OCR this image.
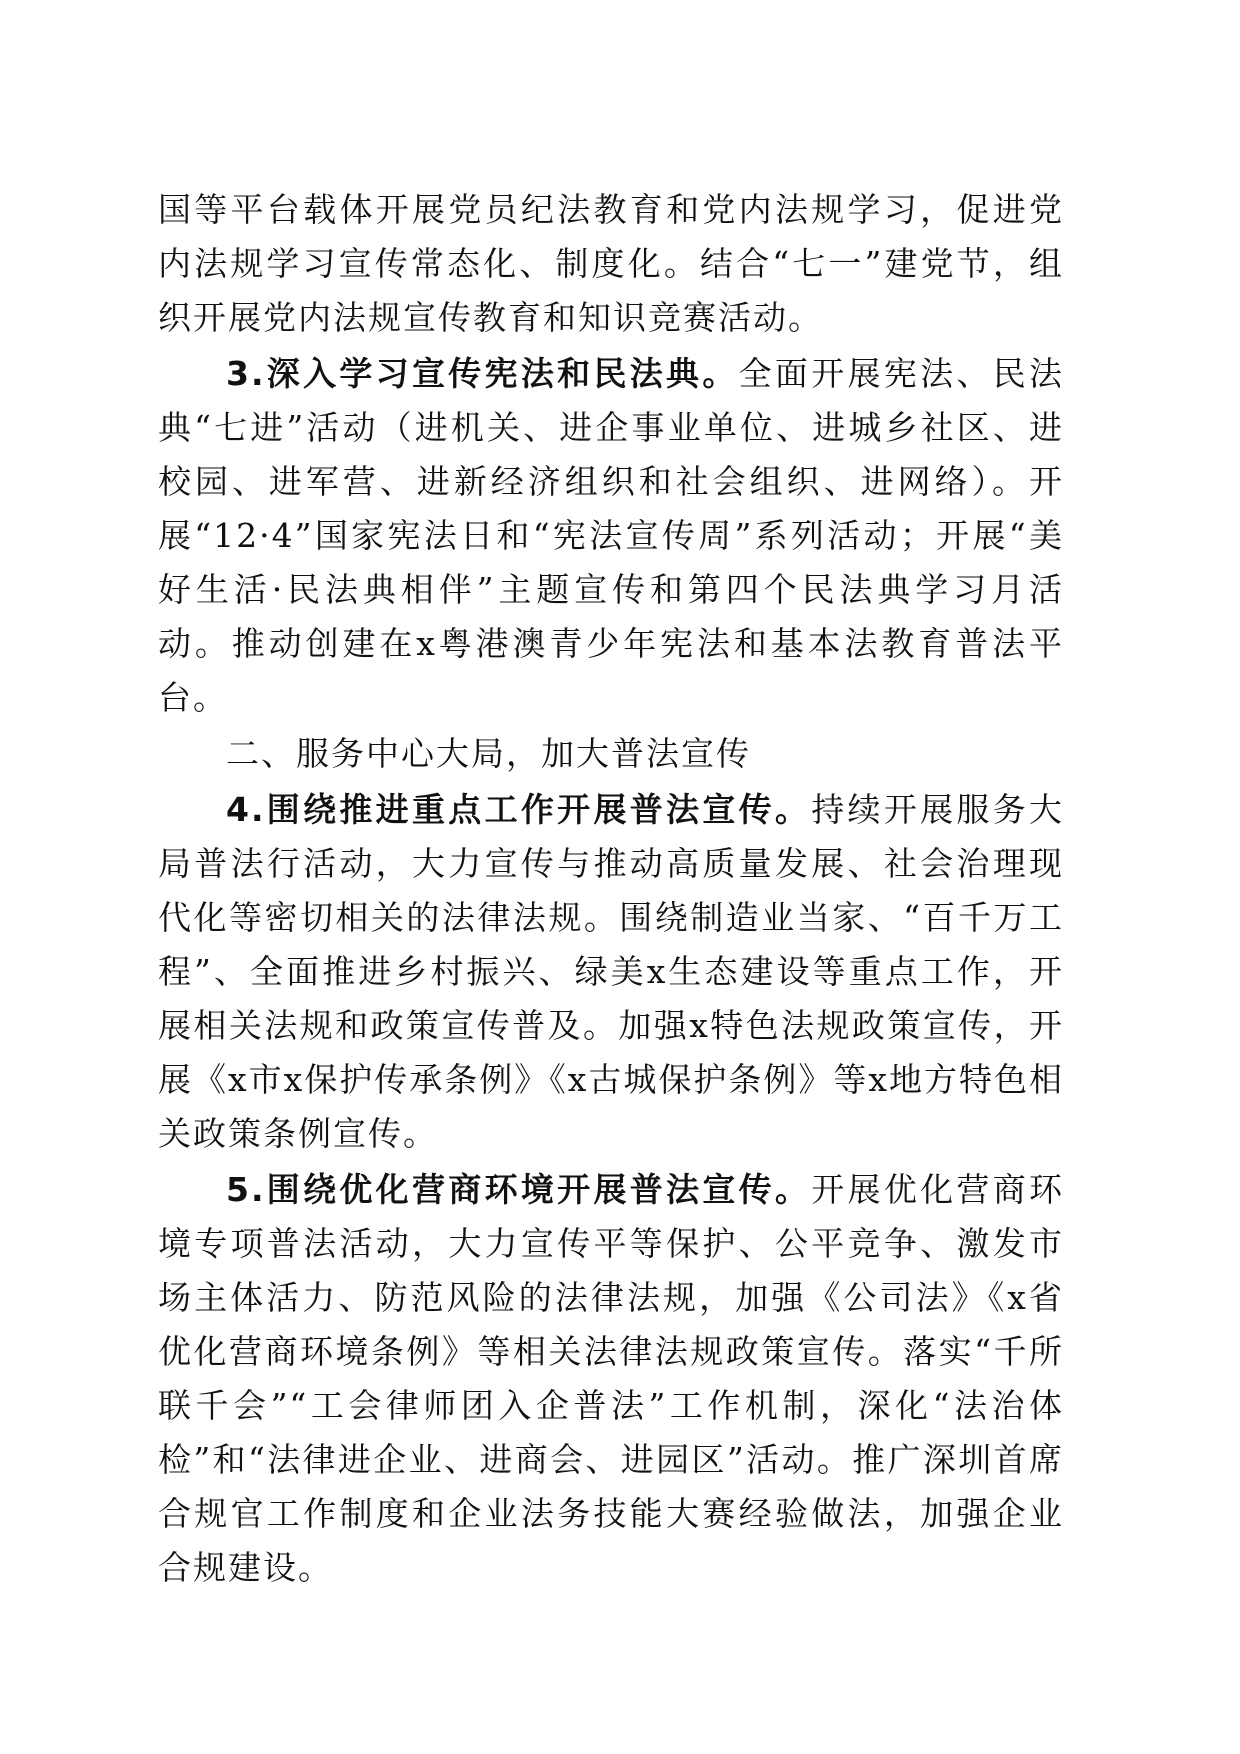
国等平台载体开展党员纪法教育和党内法规学习，促进党内法规学习宣传常态化、制度化。结合“七一”建党节，组织开展党内法规宣传教育和知识竞赛活动。

3.深入学习宣传宪法和民法典。全面开展宪法、民法典“七进”活动（进机关、进企事业单位、进城乡社区、进校园、进军营、进新经济组织和社会组织、进网络）。开展“12·4”国家宪法日和“宪法宣传周”系列活动；开展“美好生活·民法典相伴”主题宣传和第四个民法典学习月活动。推动创建在x粤港澳青少年宪法和基本法教育普法平台。

二、服务中心大局，加大普法宣传

4.围绕推进重点工作开展普法宣传。持续开展服务大局普法行活动，大力宣传与推动高质量发展、社会治理现代化等密切相关的法律法规。围绕制造业当家、“百千万工程”、全面推进乡村振兴、绿美x生态建设等重点工作，开展相关法规和政策宣传普及。加强x特色法规政策宣传，开展《x市x保护传承条例》《x古城保护条例》等x地方特色相关政策条例宣传。

5.围绕优化营商环境开展普法宣传。开展优化营商环境专项普法活动，大力宣传平等保护、公平竞争、激发市场主体活力、防范风险的法律法规，加强《公司法》《x省优化营商环境条例》等相关法律法规政策宣传。落实“千所联千会”“工会律师团入企普法”工作机制，深化“法治体检”和“法律进企业、进商会、进园区”活动。推广深圳首席合规官工作制度和企业法务技能大赛经验做法，加强企业合规建设。
